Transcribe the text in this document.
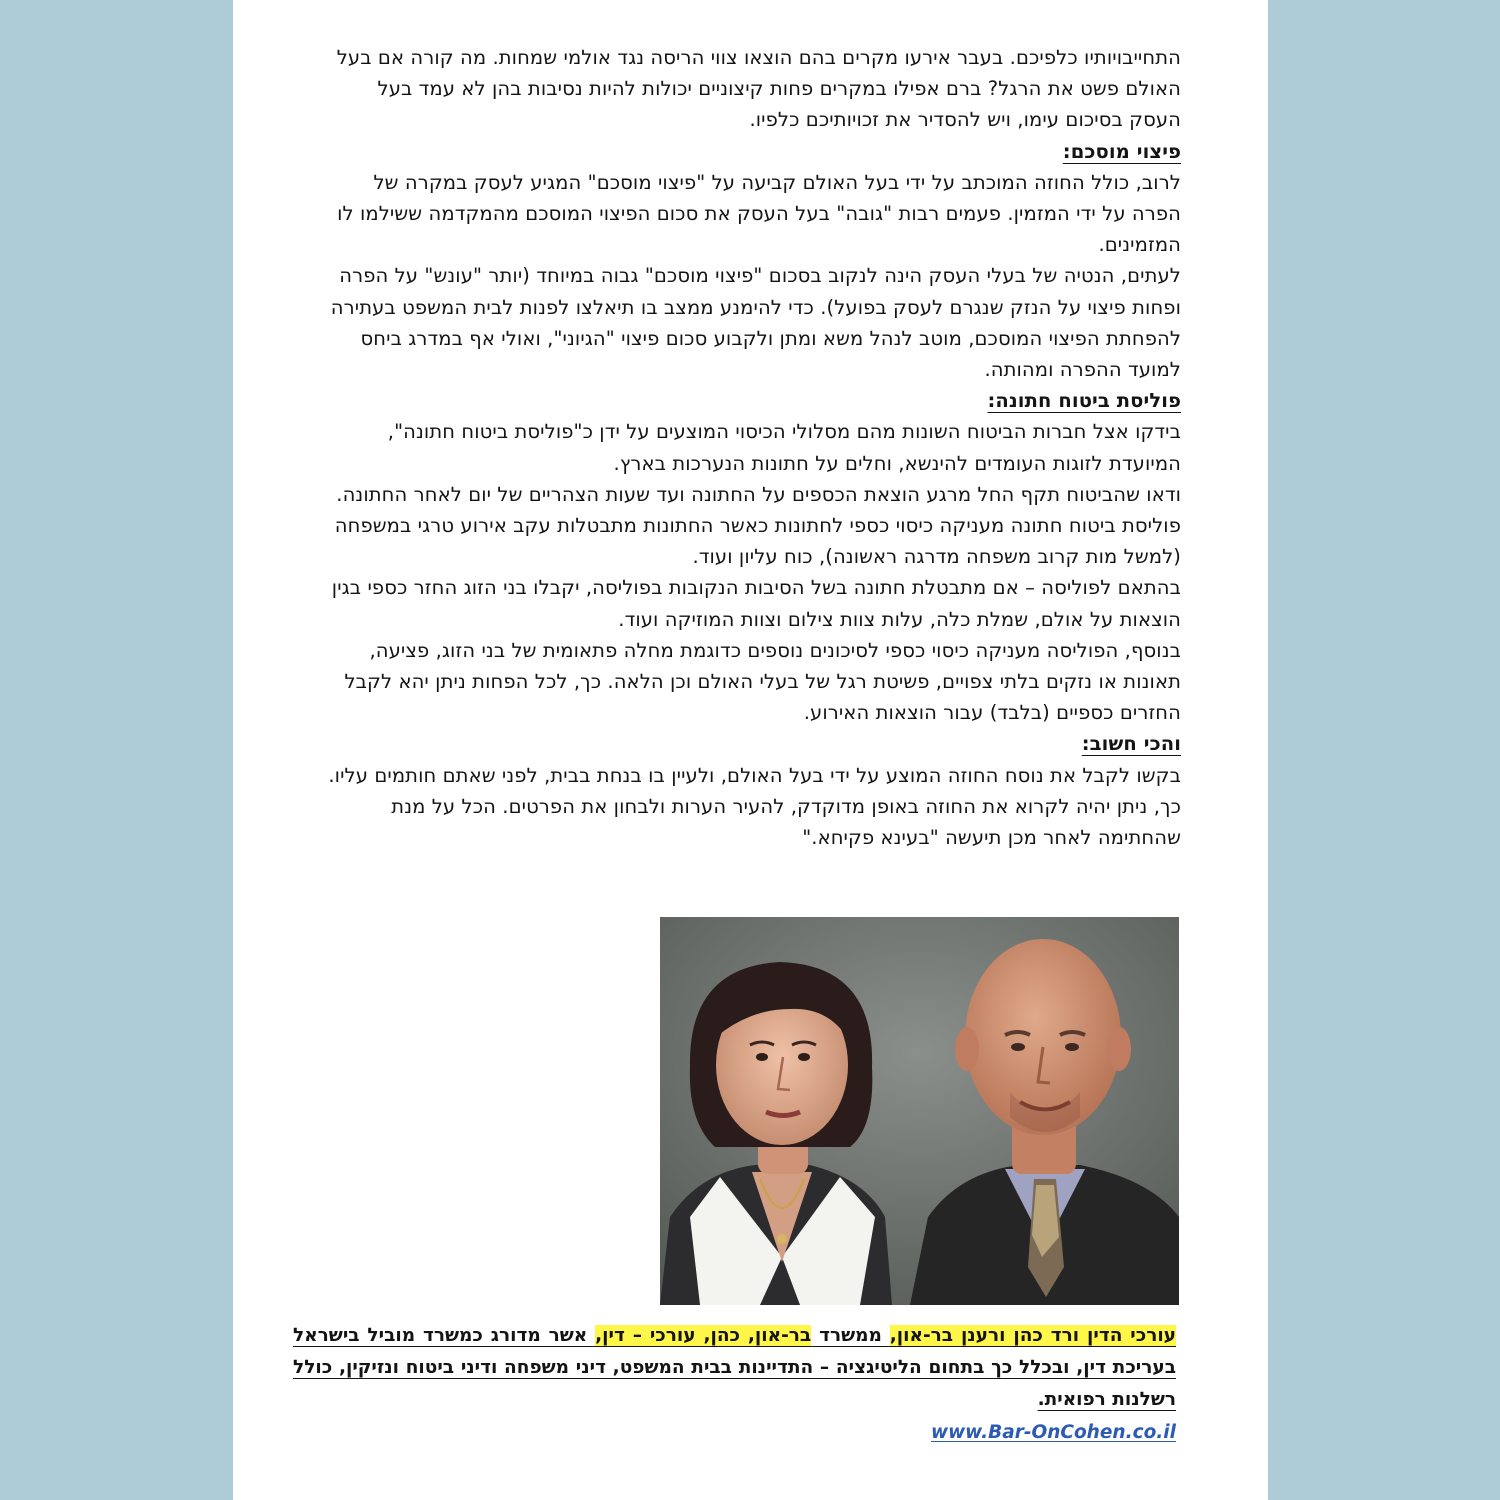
התחייבויותיו כלפיכם. בעבר אירעו מקרים בהם הוצאו צווי הריסה נגד אולמי שמחות. מה קורה אם בעל האולם פשט את הרגל? ברם אפילו במקרים פחות קיצוניים יכולות להיות נסיבות בהן לא עמד בעל העסק בסיכום עימו, ויש להסדיר את זכויותיכם כלפיו.

פיצוי מוסכם:

לרוב, כולל החוזה המוכתב על ידי בעל האולם קביעה על "פיצוי מוסכם" המגיע לעסק במקרה של הפרה על ידי המזמין. פעמים רבות "גובה" בעל העסק את סכום הפיצוי המוסכם מהמקדמה ששילמו לו המזמינים.

לעתים, הנטיה של בעלי העסק הינה לנקוב בסכום "פיצוי מוסכם" גבוה במיוחד (יותר "עונש" על הפרה ופחות פיצוי על הנזק שנגרם לעסק בפועל). כדי להימנע ממצב בו תיאלצו לפנות לבית המשפט בעתירה להפחתת הפיצוי המוסכם, מוטב לנהל משא ומתן ולקבוע סכום פיצוי "הגיוני", ואולי אף במדרג ביחס למועד ההפרה ומהותה.

פוליסת ביטוח חתונה:

בידקו אצל חברות הביטוח השונות מהם מסלולי הכיסוי המוצעים על ידן כ"פוליסת ביטוח חתונה", המיועדת לזוגות העומדים להינשא, וחלים על חתונות הנערכות בארץ.

ודאו שהביטוח תקף החל מרגע הוצאת הכספים על החתונה ועד שעות הצהריים של יום לאחר החתונה.

פוליסת ביטוח חתונה מעניקה כיסוי כספי לחתונות כאשר החתונות מתבטלות עקב אירוע טרגי במשפחה (למשל מות קרוב משפחה מדרגה ראשונה), כוח עליון ועוד.

בהתאם לפוליסה – אם מתבטלת חתונה בשל הסיבות הנקובות בפוליסה, יקבלו בני הזוג החזר כספי בגין הוצאות על אולם, שמלת כלה, עלות צוות צילום וצוות המוזיקה ועוד.

בנוסף, הפוליסה מעניקה כיסוי כספי לסיכונים נוספים כדוגמת מחלה פתאומית של בני הזוג, פציעה, תאונות או נזקים בלתי צפויים, פשיטת רגל של בעלי האולם וכן הלאה. כך, לכל הפחות ניתן יהא לקבל החזרים כספיים (בלבד) עבור הוצאות האירוע.

והכי חשוב:

בקשו לקבל את נוסח החוזה המוצע על ידי בעל האולם, ולעיין בו בנחת בבית, לפני שאתם חותמים עליו. כך, ניתן יהיה לקרוא את החוזה באופן מדוקדק, להעיר הערות ולבחון את הפרטים. הכל על מנת שהחתימה לאחר מכן תיעשה "בעינא פקיחא."

עורכי הדין ורד כהן ורענן בר-און, ממשרד בר-און, כהן, עורכי – דין, אשר מדורג כמשרד מוביל בישראל בעריכת דין, ובכלל כך בתחום הליטיגציה – התדיינות בבית המשפט, דיני משפחה ודיני ביטוח ונזיקין, כולל רשלנות רפואית.
www.Bar-OnCohen.co.il
